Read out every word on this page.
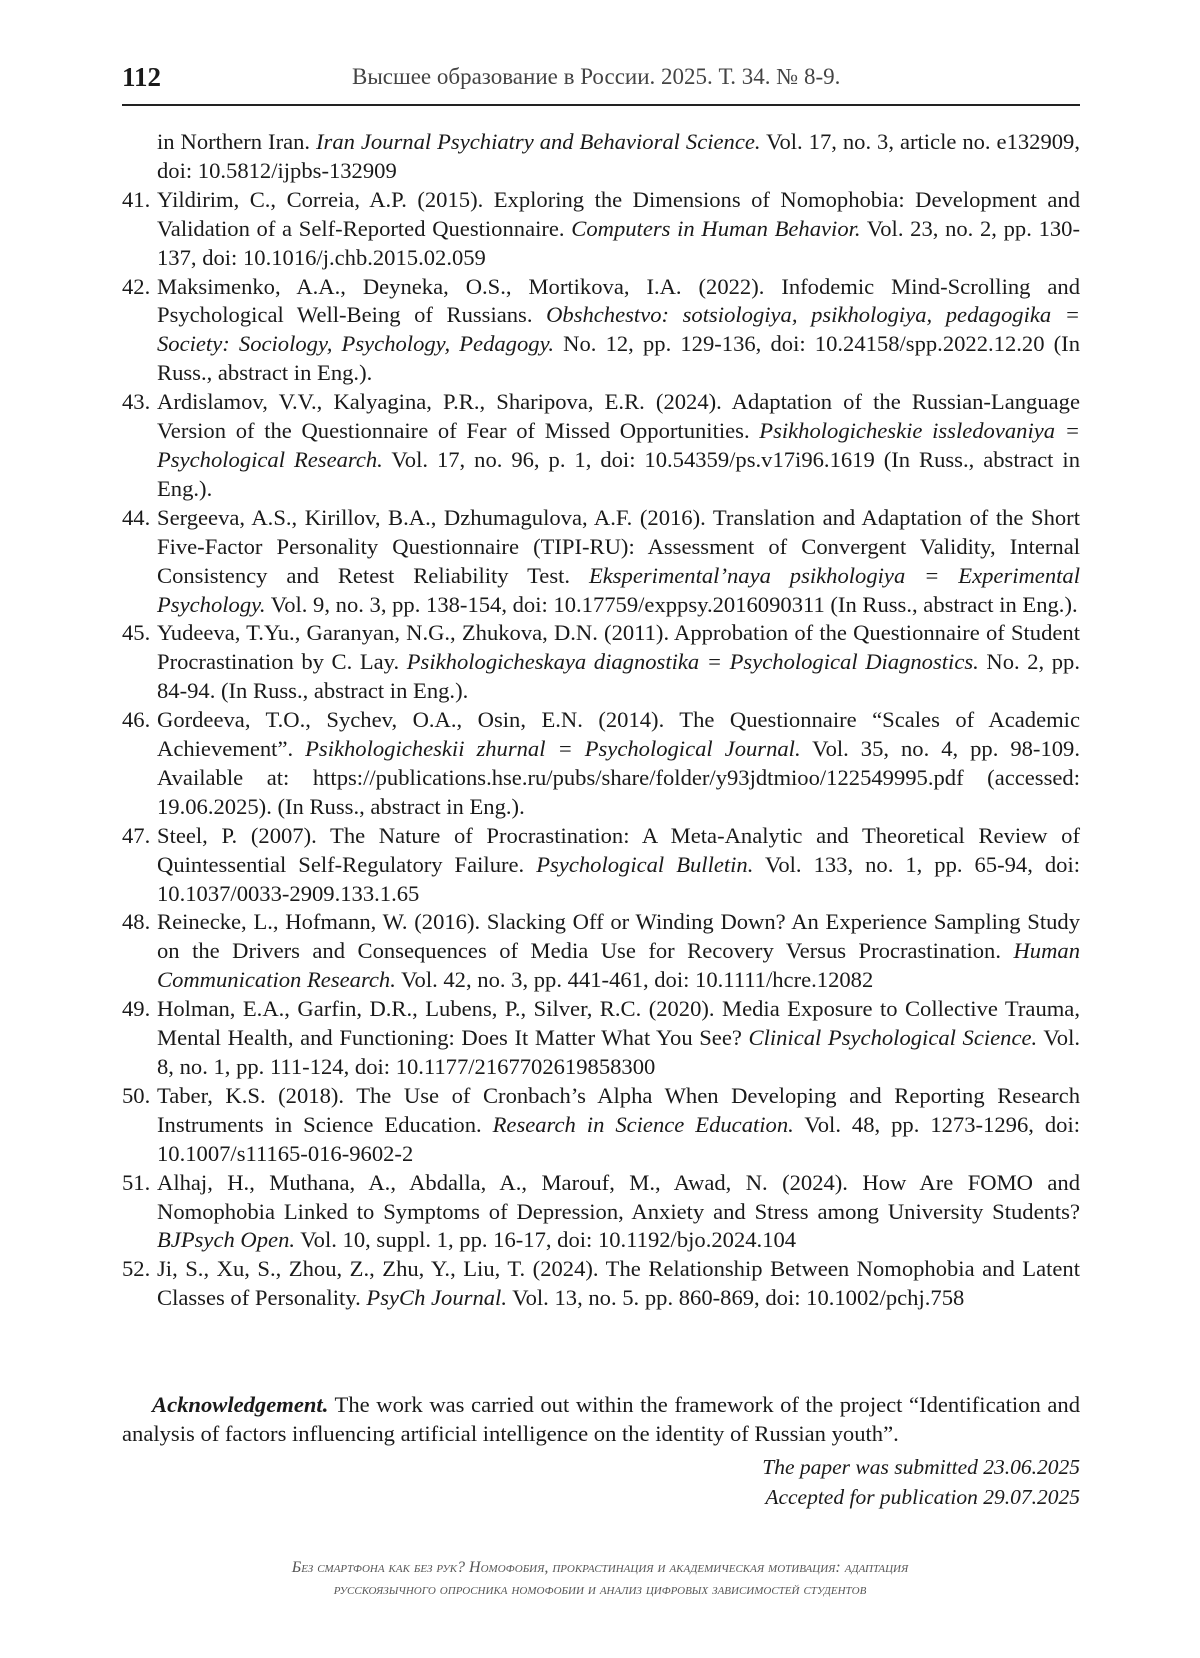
112	Высшее образование в России. 2025. Т. 34. № 8-9.
in Northern Iran. Iran Journal Psychiatry and Behavioral Science. Vol. 17, no. 3, article no. e132909, doi: 10.5812/ijpbs-132909
41. Yildirim, C., Correia, A.P. (2015). Exploring the Dimensions of Nomophobia: Development and Validation of a Self-Reported Questionnaire. Computers in Human Behavior. Vol. 23, no. 2, pp. 130-137, doi: 10.1016/j.chb.2015.02.059
42. Maksimenko, A.A., Deyneka, O.S., Mortikova, I.A. (2022). Infodemic Mind-Scrolling and Psychological Well-Being of Russians. Obshchestvo: sotsiologiya, psikhologiya, pedagogika = Society: Sociology, Psychology, Pedagogy. No. 12, pp. 129-136, doi: 10.24158/spp.2022.12.20 (In Russ., abstract in Eng.).
43. Ardislamov, V.V., Kalyagina, P.R., Sharipova, E.R. (2024). Adaptation of the Russian-Language Version of the Questionnaire of Fear of Missed Opportunities. Psikhologicheskie issledovaniya = Psychological Research. Vol. 17, no. 96, p. 1, doi: 10.54359/ps.v17i96.1619 (In Russ., abstract in Eng.).
44. Sergeeva, A.S., Kirillov, B.A., Dzhumagulova, A.F. (2016). Translation and Adaptation of the Short Five-Factor Personality Questionnaire (TIPI-RU): Assessment of Convergent Validity, Internal Consistency and Retest Reliability Test. Eksperimental’naya psikhologiya = Experimental Psychology. Vol. 9, no. 3, pp. 138-154, doi: 10.17759/exppsy.2016090311 (In Russ., abstract in Eng.).
45. Yudeeva, T.Yu., Garanyan, N.G., Zhukova, D.N. (2011). Approbation of the Questionnaire of Student Procrastination by C. Lay. Psikhologicheskaya diagnostika = Psychological Diagnostics. No. 2, pp. 84-94. (In Russ., abstract in Eng.).
46. Gordeeva, T.O., Sychev, O.A., Osin, E.N. (2014). The Questionnaire “Scales of Academic Achievement”. Psikhologicheskii zhurnal = Psychological Journal. Vol. 35, no. 4, pp. 98-109. Available at: https://publications.hse.ru/pubs/share/folder/y93jdtmioo/122549995.pdf (accessed: 19.06.2025). (In Russ., abstract in Eng.).
47. Steel, P. (2007). The Nature of Procrastination: A Meta-Analytic and Theoretical Review of Quintessential Self-Regulatory Failure. Psychological Bulletin. Vol. 133, no. 1, pp. 65-94, doi: 10.1037/0033-2909.133.1.65
48. Reinecke, L., Hofmann, W. (2016). Slacking Off or Winding Down? An Experience Sampling Study on the Drivers and Consequences of Media Use for Recovery Versus Procrastination. Human Communication Research. Vol. 42, no. 3, pp. 441-461, doi: 10.1111/hcre.12082
49. Holman, E.A., Garfin, D.R., Lubens, P., Silver, R.C. (2020). Media Exposure to Collective Trauma, Mental Health, and Functioning: Does It Matter What You See? Clinical Psychological Science. Vol. 8, no. 1, pp. 111-124, doi: 10.1177/2167702619858300
50. Taber, K.S. (2018). The Use of Cronbach’s Alpha When Developing and Reporting Research Instruments in Science Education. Research in Science Education. Vol. 48, pp. 1273-1296, doi: 10.1007/s11165-016-9602-2
51. Alhaj, H., Muthana, A., Abdalla, A., Marouf, M., Awad, N. (2024). How Are FOMO and Nomophobia Linked to Symptoms of Depression, Anxiety and Stress among University Students? BJPsych Open. Vol. 10, suppl. 1, pp. 16-17, doi: 10.1192/bjo.2024.104
52. Ji, S., Xu, S., Zhou, Z., Zhu, Y., Liu, T. (2024). The Relationship Between Nomophobia and Latent Classes of Personality. PsyCh Journal. Vol. 13, no. 5. pp. 860-869, doi: 10.1002/pchj.758

Acknowledgement. The work was carried out within the framework of the project “Identification and analysis of factors influencing artificial intelligence on the identity of Russian youth”.

The paper was submitted 23.06.2025
Accepted for publication 29.07.2025
Без смартфона как без рук? Номофобия, прокрастинация и академическая мотивация: адаптация
русскоязычного опросника номофобии и анализ цифровых зависимостей студентов
